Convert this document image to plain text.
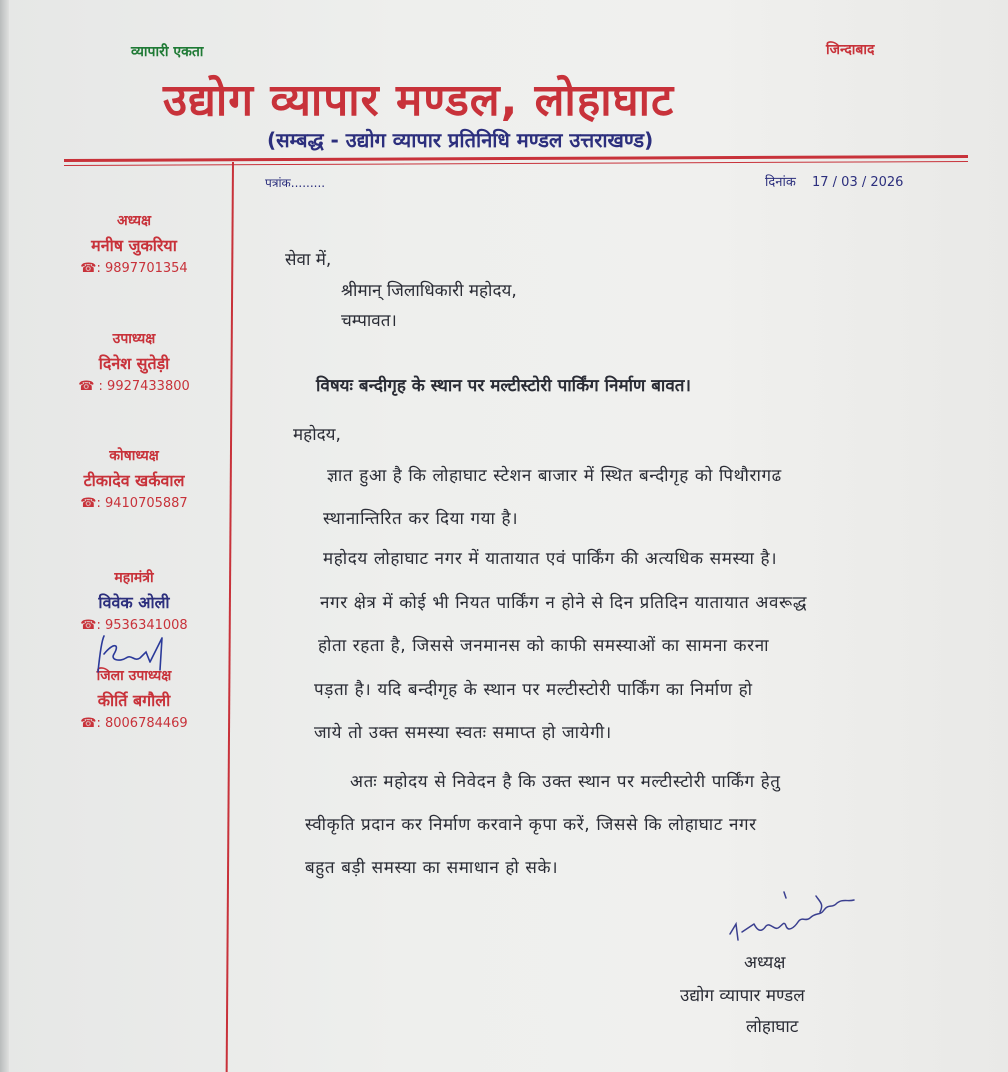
व्यापारी एकता	जिन्दाबाद
उद्योग व्यापार मण्डल, लोहाघाट
(सम्बद्ध - उद्योग व्यापार प्रतिनिधि मण्डल उत्तराखण्ड)
पत्रांक.........	दिनांक 17 / 03 / 2026
अध्यक्ष
मनीष जुकरिया
☎: 9897701354
उपाध्यक्ष
दिनेश सुतेड़ी
☎ : 9927433800
कोषाध्यक्ष
टीकादेव खर्कवाल
☎: 9410705887
महामंत्री
विवेक ओली
☎: 9536341008
जिला उपाध्यक्ष
कीर्ति बगौली
☎: 8006784469
सेवा में,
श्रीमान् जिलाधिकारी महोदय,
चम्पावत।
विषयः बन्दीगृह के स्थान पर मल्टीस्टोरी पार्किंग निर्माण बावत।
महोदय,
ज्ञात हुआ है कि लोहाघाट स्टेशन बाजार में स्थित बन्दीगृह को पिथौरागढ
स्थानान्तिरित कर दिया गया है।
महोदय लोहाघाट नगर में यातायात एवं पार्किंग की अत्यधिक समस्या है।
नगर क्षेत्र में कोई भी नियत पार्किंग न होने से दिन प्रतिदिन यातायात अवरूद्ध
होता रहता है, जिससे जनमानस को काफी समस्याओं का सामना करना
पड़ता है। यदि बन्दीगृह के स्थान पर मल्टीस्टोरी पार्किंग का निर्माण हो
जाये तो उक्त समस्या स्वतः समाप्त हो जायेगी।
अतः महोदय से निवेदन है कि उक्त स्थान पर मल्टीस्टोरी पार्किंग हेतु
स्वीकृति प्रदान कर निर्माण करवाने कृपा करें, जिससे कि लोहाघाट नगर
बहुत बड़ी समस्या का समाधान हो सके।
अध्यक्ष
उद्योग व्यापार मण्डल
लोहाघाट
